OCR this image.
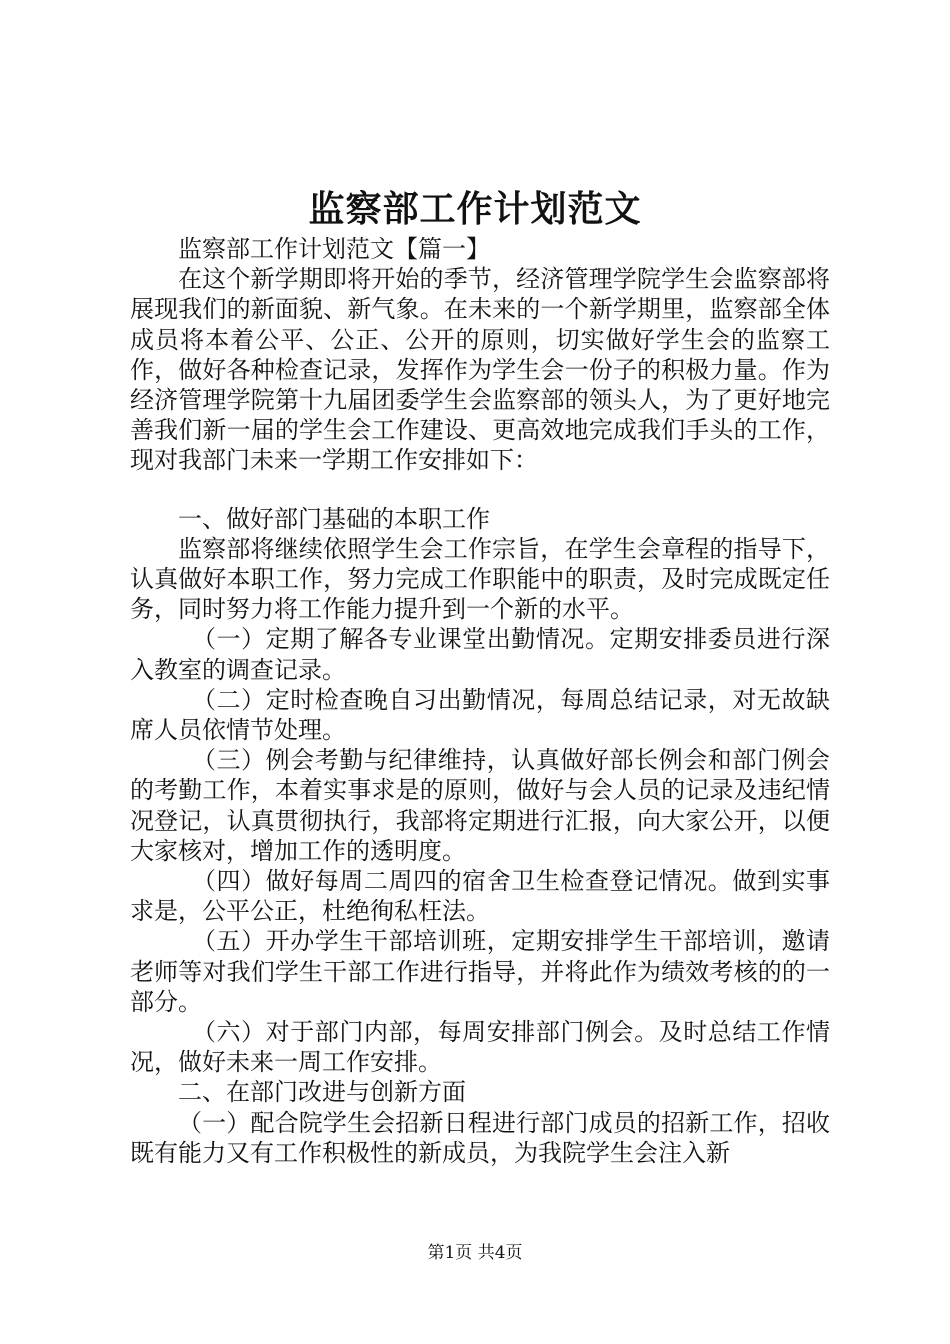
监察部工作计划范文

监察部工作计划范文【篇一】

在这个新学期即将开始的季节，经济管理学院学生会监察部将展现我们的新面貌、新气象。在未来的一个新学期里，监察部全体成员将本着公平、公正、公开的原则，切实做好学生会的监察工作，做好各种检查记录，发挥作为学生会一份子的积极力量。作为经济管理学院第十九届团委学生会监察部的领头人，为了更好地完善我们新一届的学生会工作建设、更高效地完成我们手头的工作，现对我部门未来一学期工作安排如下：

一、做好部门基础的本职工作

监察部将继续依照学生会工作宗旨，在学生会章程的指导下，认真做好本职工作，努力完成工作职能中的职责，及时完成既定任务，同时努力将工作能力提升到一个新的水平。

（一）定期了解各专业课堂出勤情况。定期安排委员进行深入教室的调查记录。

（二）定时检查晚自习出勤情况，每周总结记录，对无故缺席人员依情节处理。

（三）例会考勤与纪律维持，认真做好部长例会和部门例会的考勤工作，本着实事求是的原则，做好与会人员的记录及违纪情况登记，认真贯彻执行，我部将定期进行汇报，向大家公开，以便大家核对，增加工作的透明度。

（四）做好每周二周四的宿舍卫生检查登记情况。做到实事求是，公平公正，杜绝徇私枉法。

（五）开办学生干部培训班，定期安排学生干部培训，邀请老师等对我们学生干部工作进行指导，并将此作为绩效考核的的一部分。

（六）对于部门内部，每周安排部门例会。及时总结工作情况，做好未来一周工作安排。

二、在部门改进与创新方面

（一）配合院学生会招新日程进行部门成员的招新工作，招收既有能力又有工作积极性的新成员，为我院学生会注入新

第1页 共4页
